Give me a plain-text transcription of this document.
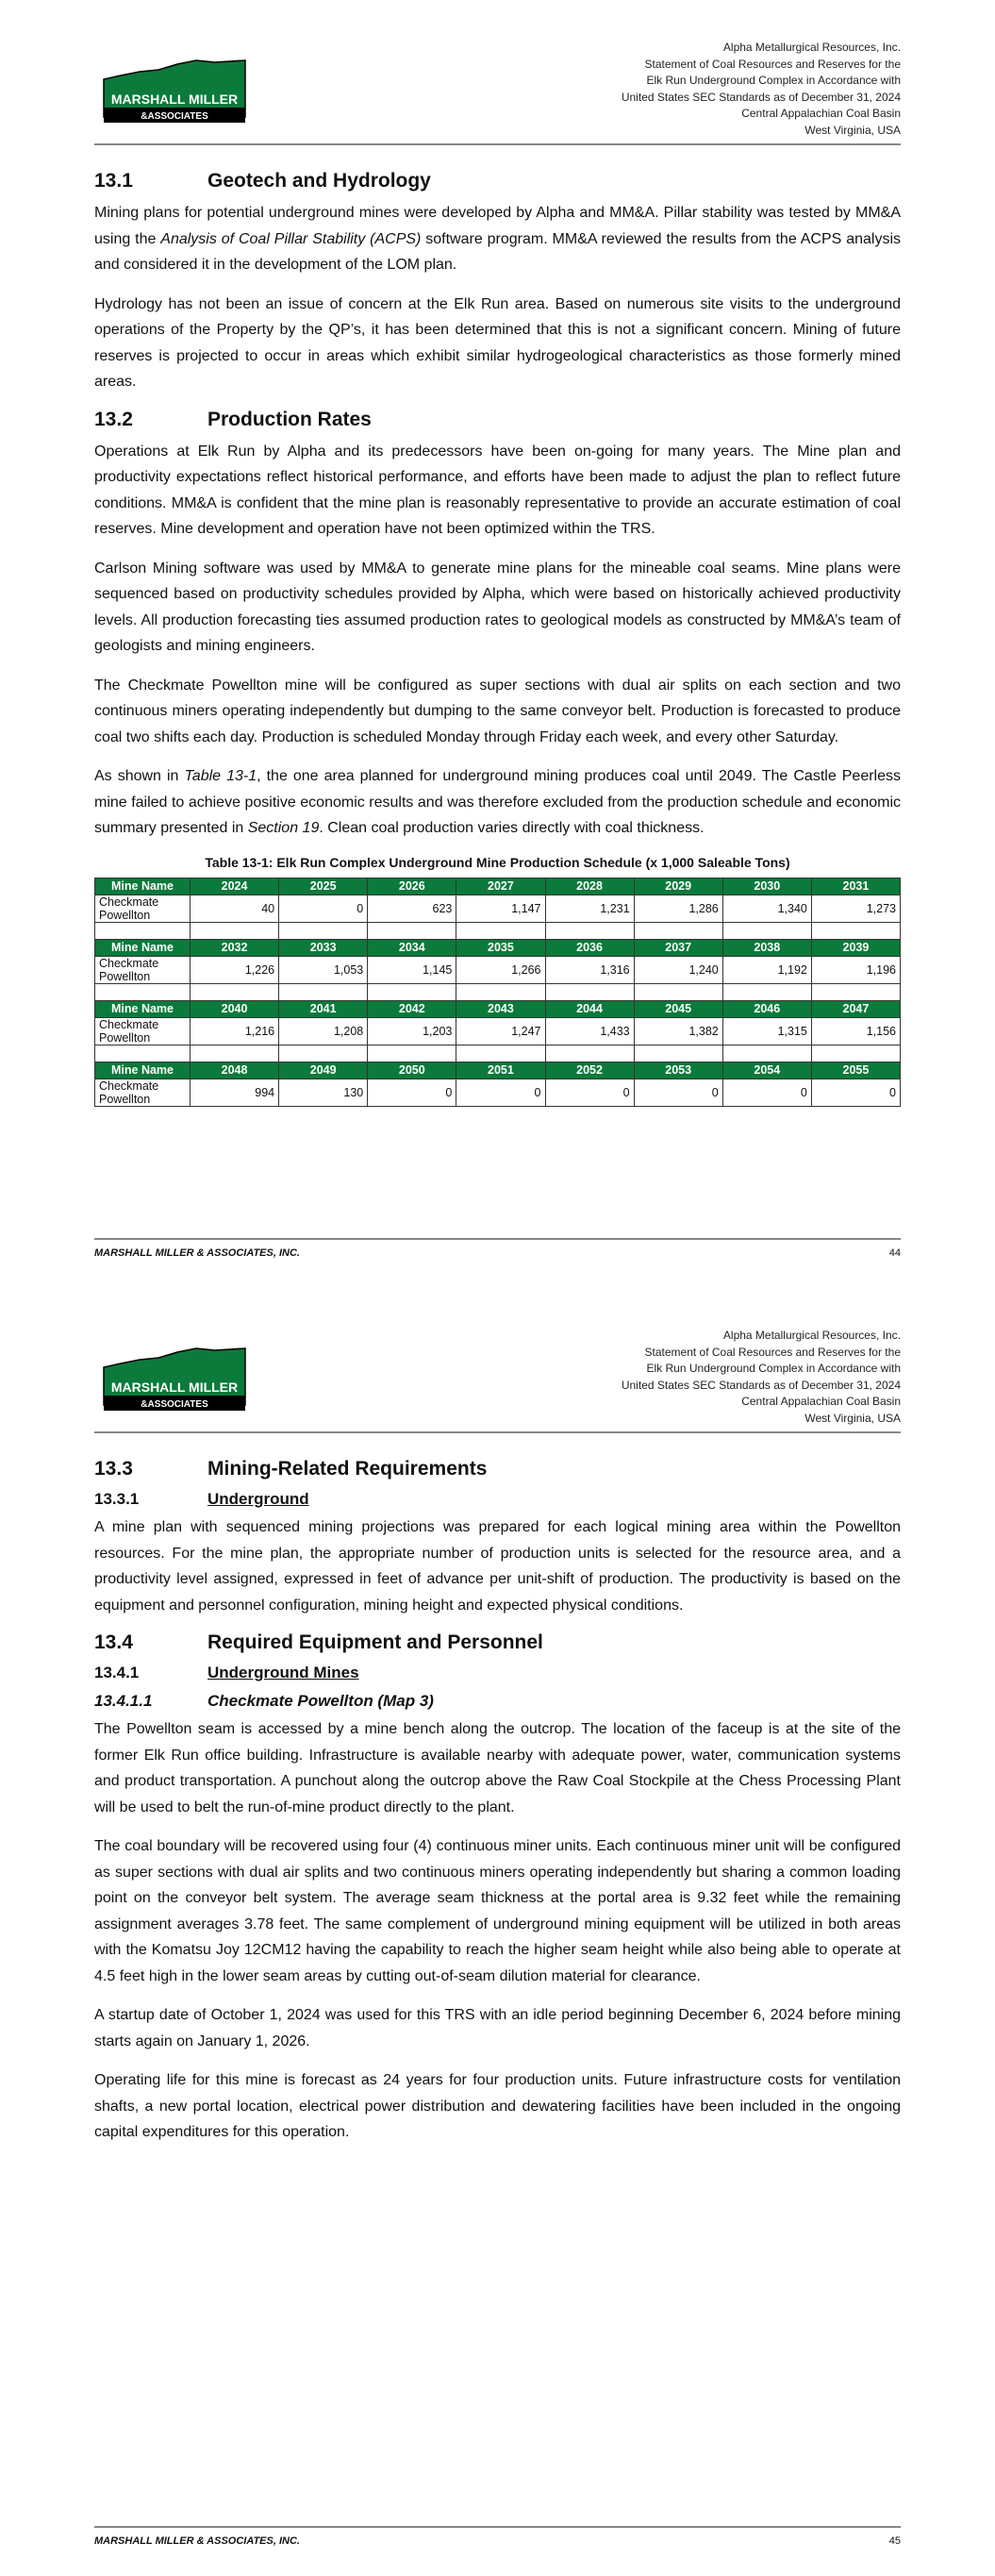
MARSHALL MILLER
&ASSOCIATES
Alpha Metallurgical Resources, Inc.
Statement of Coal Resources and Reserves for the
Elk Run Underground Complex in Accordance with
United States SEC Standards as of December 31, 2024
Central Appalachian Coal Basin
West Virginia, USA
13.1	Geotech and Hydrology

Mining plans for potential underground mines were developed by Alpha and MM&A. Pillar stability was tested by MM&A using the Analysis of Coal Pillar Stability (ACPS) software program. MM&A reviewed the results from the ACPS analysis and considered it in the development of the LOM plan.

Hydrology has not been an issue of concern at the Elk Run area. Based on numerous site visits to the underground operations of the Property by the QP’s, it has been determined that this is not a significant concern. Mining of future reserves is projected to occur in areas which exhibit similar hydrogeological characteristics as those formerly mined areas.

13.2	Production Rates

Operations at Elk Run by Alpha and its predecessors have been on-going for many years. The Mine plan and productivity expectations reflect historical performance, and efforts have been made to adjust the plan to reflect future conditions. MM&A is confident that the mine plan is reasonably representative to provide an accurate estimation of coal reserves. Mine development and operation have not been optimized within the TRS.

Carlson Mining software was used by MM&A to generate mine plans for the mineable coal seams. Mine plans were sequenced based on productivity schedules provided by Alpha, which were based on historically achieved productivity levels. All production forecasting ties assumed production rates to geological models as constructed by MM&A’s team of geologists and mining engineers.

The Checkmate Powellton mine will be configured as super sections with dual air splits on each section and two continuous miners operating independently but dumping to the same conveyor belt. Production is forecasted to produce coal two shifts each day. Production is scheduled Monday through Friday each week, and every other Saturday.

As shown in Table 13-1, the one area planned for underground mining produces coal until 2049. The Castle Peerless mine failed to achieve positive economic results and was therefore excluded from the production schedule and economic summary presented in Section 19. Clean coal production varies directly with coal thickness.

Table 13-1: Elk Run Complex Underground Mine Production Schedule (x 1,000 Saleable Tons)
Mine Name	2024	2025	2026	2027	2028	2029	2030	2031
Checkmate Powellton	40	0	623	1,147	1,231	1,286	1,340	1,273

Mine Name	2032	2033	2034	2035	2036	2037	2038	2039
Checkmate Powellton	1,226	1,053	1,145	1,266	1,316	1,240	1,192	1,196

Mine Name	2040	2041	2042	2043	2044	2045	2046	2047
Checkmate Powellton	1,216	1,208	1,203	1,247	1,433	1,382	1,315	1,156

Mine Name	2048	2049	2050	2051	2052	2053	2054	2055
Checkmate Powellton	994	130	0	0	0	0	0	0
MARSHALL MILLER & ASSOCIATES, INC.	44
MARSHALL MILLER
&ASSOCIATES
Alpha Metallurgical Resources, Inc.
Statement of Coal Resources and Reserves for the
Elk Run Underground Complex in Accordance with
United States SEC Standards as of December 31, 2024
Central Appalachian Coal Basin
West Virginia, USA
13.3	Mining-Related Requirements
13.3.1	Underground

A mine plan with sequenced mining projections was prepared for each logical mining area within the Powellton resources. For the mine plan, the appropriate number of production units is selected for the resource area, and a productivity level assigned, expressed in feet of advance per unit-shift of production. The productivity is based on the equipment and personnel configuration, mining height and expected physical conditions.

13.4	Required Equipment and Personnel
13.4.1	Underground Mines
13.4.1.1	Checkmate Powellton (Map 3)

The Powellton seam is accessed by a mine bench along the outcrop. The location of the faceup is at the site of the former Elk Run office building. Infrastructure is available nearby with adequate power, water, communication systems and product transportation. A punchout along the outcrop above the Raw Coal Stockpile at the Chess Processing Plant will be used to belt the run-of-mine product directly to the plant.

The coal boundary will be recovered using four (4) continuous miner units. Each continuous miner unit will be configured as super sections with dual air splits and two continuous miners operating independently but sharing a common loading point on the conveyor belt system. The average seam thickness at the portal area is 9.32 feet while the remaining assignment averages 3.78 feet. The same complement of underground mining equipment will be utilized in both areas with the Komatsu Joy 12CM12 having the capability to reach the higher seam height while also being able to operate at 4.5 feet high in the lower seam areas by cutting out-of-seam dilution material for clearance.

A startup date of October 1, 2024 was used for this TRS with an idle period beginning December 6, 2024 before mining starts again on January 1, 2026.

Operating life for this mine is forecast as 24 years for four production units. Future infrastructure costs for ventilation shafts, a new portal location, electrical power distribution and dewatering facilities have been included in the ongoing capital expenditures for this operation.

MARSHALL MILLER & ASSOCIATES, INC.	45
